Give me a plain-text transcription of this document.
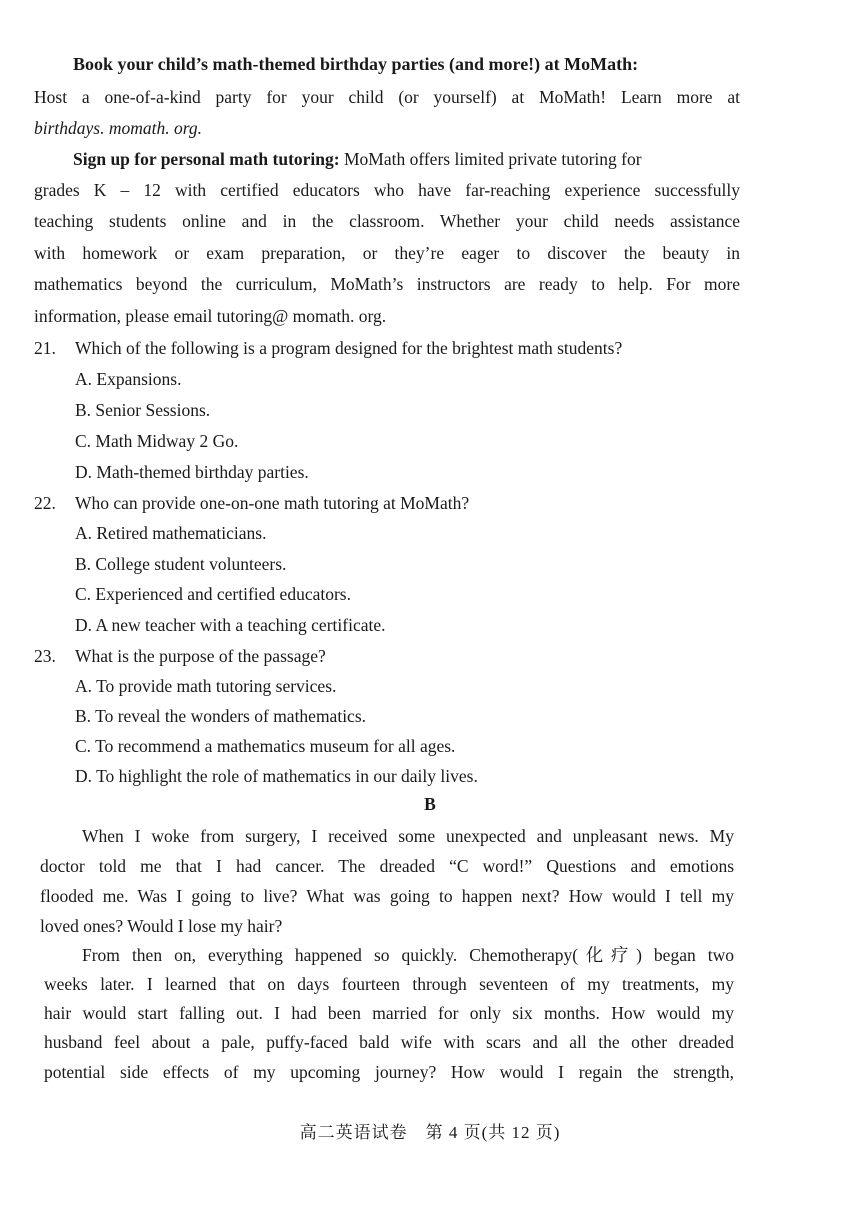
Book your child’s math-themed birthday parties (and more!) at MoMath:
Host a one-of-a-kind party for your child (or yourself) at MoMath! Learn more at
birthdays. momath. org.
Sign up for personal math tutoring: MoMath offers limited private tutoring for
grades K – 12 with certified educators who have far-reaching experience successfully
teaching students online and in the classroom. Whether your child needs assistance
with homework or exam preparation, or they’re eager to discover the beauty in
mathematics beyond the curriculum, MoMath’s instructors are ready to help. For more
information, please email tutoring@ momath. org.
21. Which of the following is a program designed for the brightest math students?
A. Expansions.
B. Senior Sessions.
C. Math Midway 2 Go.
D. Math-themed birthday parties.
22. Who can provide one-on-one math tutoring at MoMath?
A. Retired mathematicians.
B. College student volunteers.
C. Experienced and certified educators.
D. A new teacher with a teaching certificate.
23. What is the purpose of the passage?
A. To provide math tutoring services.
B. To reveal the wonders of mathematics.
C. To recommend a mathematics museum for all ages.
D. To highlight the role of mathematics in our daily lives.
B
When I woke from surgery, I received some unexpected and unpleasant news. My
doctor told me that I had cancer. The dreaded “C word!” Questions and emotions
flooded me. Was I going to live? What was going to happen next? How would I tell my
loved ones? Would I lose my hair?
From then on, everything happened so quickly. Chemotherapy(化疗) began two
weeks later. I learned that on days fourteen through seventeen of my treatments, my
hair would start falling out. I had been married for only six months. How would my
husband feel about a pale, puffy-faced bald wife with scars and all the other dreaded
potential side effects of my upcoming journey? How would I regain the strength,
高二英语试卷　第 4 页(共 12 页)
